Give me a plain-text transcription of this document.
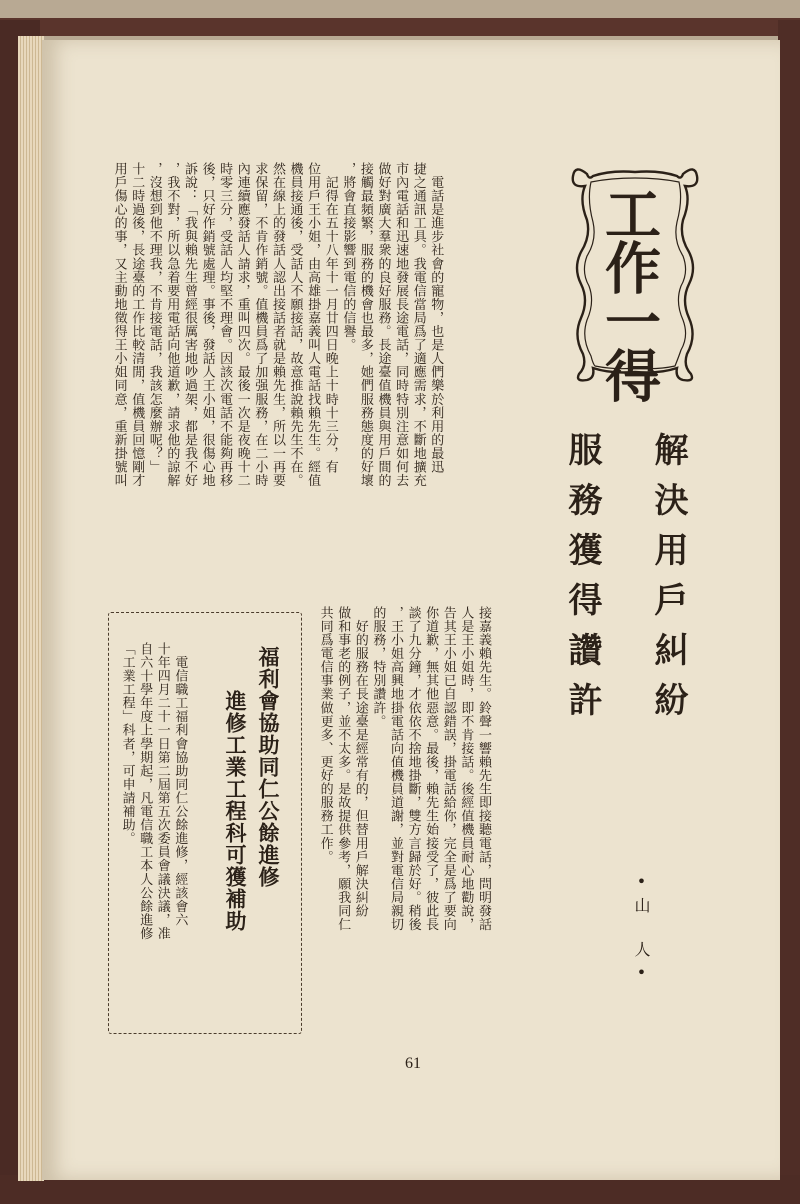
工作一得
解決用戶糾紛
服務獲得讚許
•山　人•
　電話是進步社會的寵物，也是人們樂於利用的最迅
捷之通訊工具。我電信當局爲了適應需求，不斷地擴充
市內電話和迅速地發展長途電話，同時特別注意如何去
做好對廣大羣衆的良好服務。長途臺值機員與用戶間的
接觸最頻繁，服務的機會也最多，她們服務態度的好壞
，將會直接影響到電信的信譽。
　記得在五十八年十一月廿四日晚上十時十三分，有
位用戶王小姐，由高雄掛嘉義叫人電話找賴先生。經值
機員接通後，受話人不願接話，故意推說賴先生不在。
然在線上的發話人認出接話者就是賴先生，所以一再要
求保留，不肯作銷號。值機員爲了加强服務，在二小時
內連續應發話人請求，重叫四次。最後一次是夜晚十二
時零三分，受話人均堅不理會。因該次電話不能夠再移
後，只好作銷號處理。事後，發話人王小姐，很傷心地
訴說：「我與賴先生曾經很厲害地吵過架，都是我不好
，我不對，所以急着要用電話向他道歉，請求他的諒解
，沒想到他不理我，不肯接電話，我該怎麼辦呢？」
十二時過後，長途臺的工作比較清閒，值機員回憶剛才
用戶傷心的事，又主動地徵得王小姐同意，重新掛號叫
接嘉義賴先生。鈴聲一響賴先生即接聽電話，問明發話
人是王小姐時，即不肯接話。後經值機員耐心地勸說，
告其王小姐已自認錯誤，掛電話給你，完全是爲了要向
你道歉，無其他惡意。最後，賴先生始接受了，彼此長
談了九分鐘，才依依不捨地掛斷，雙方言歸於好。稍後
，王小姐高興地掛電話向值機員道謝，並對電信局親切
的服務，特別讚許。
　好的服務在長途臺是經常有的，但替用戶解決糾紛
做和事老的例子，並不太多。是故提供參考，願我同仁
共同爲電信事業做更多、更好的服務工作。
福利會協助同仁公餘進修
進修工業工程科可獲補助
　電信職工福利會協助同仁公餘進修，經該會六
十年四月二十一日第二屆第五次委員會議決議，准
自六十學年度上學期起，凡電信職工本人公餘進修
「工業工程」科者，可申請補助。
61
